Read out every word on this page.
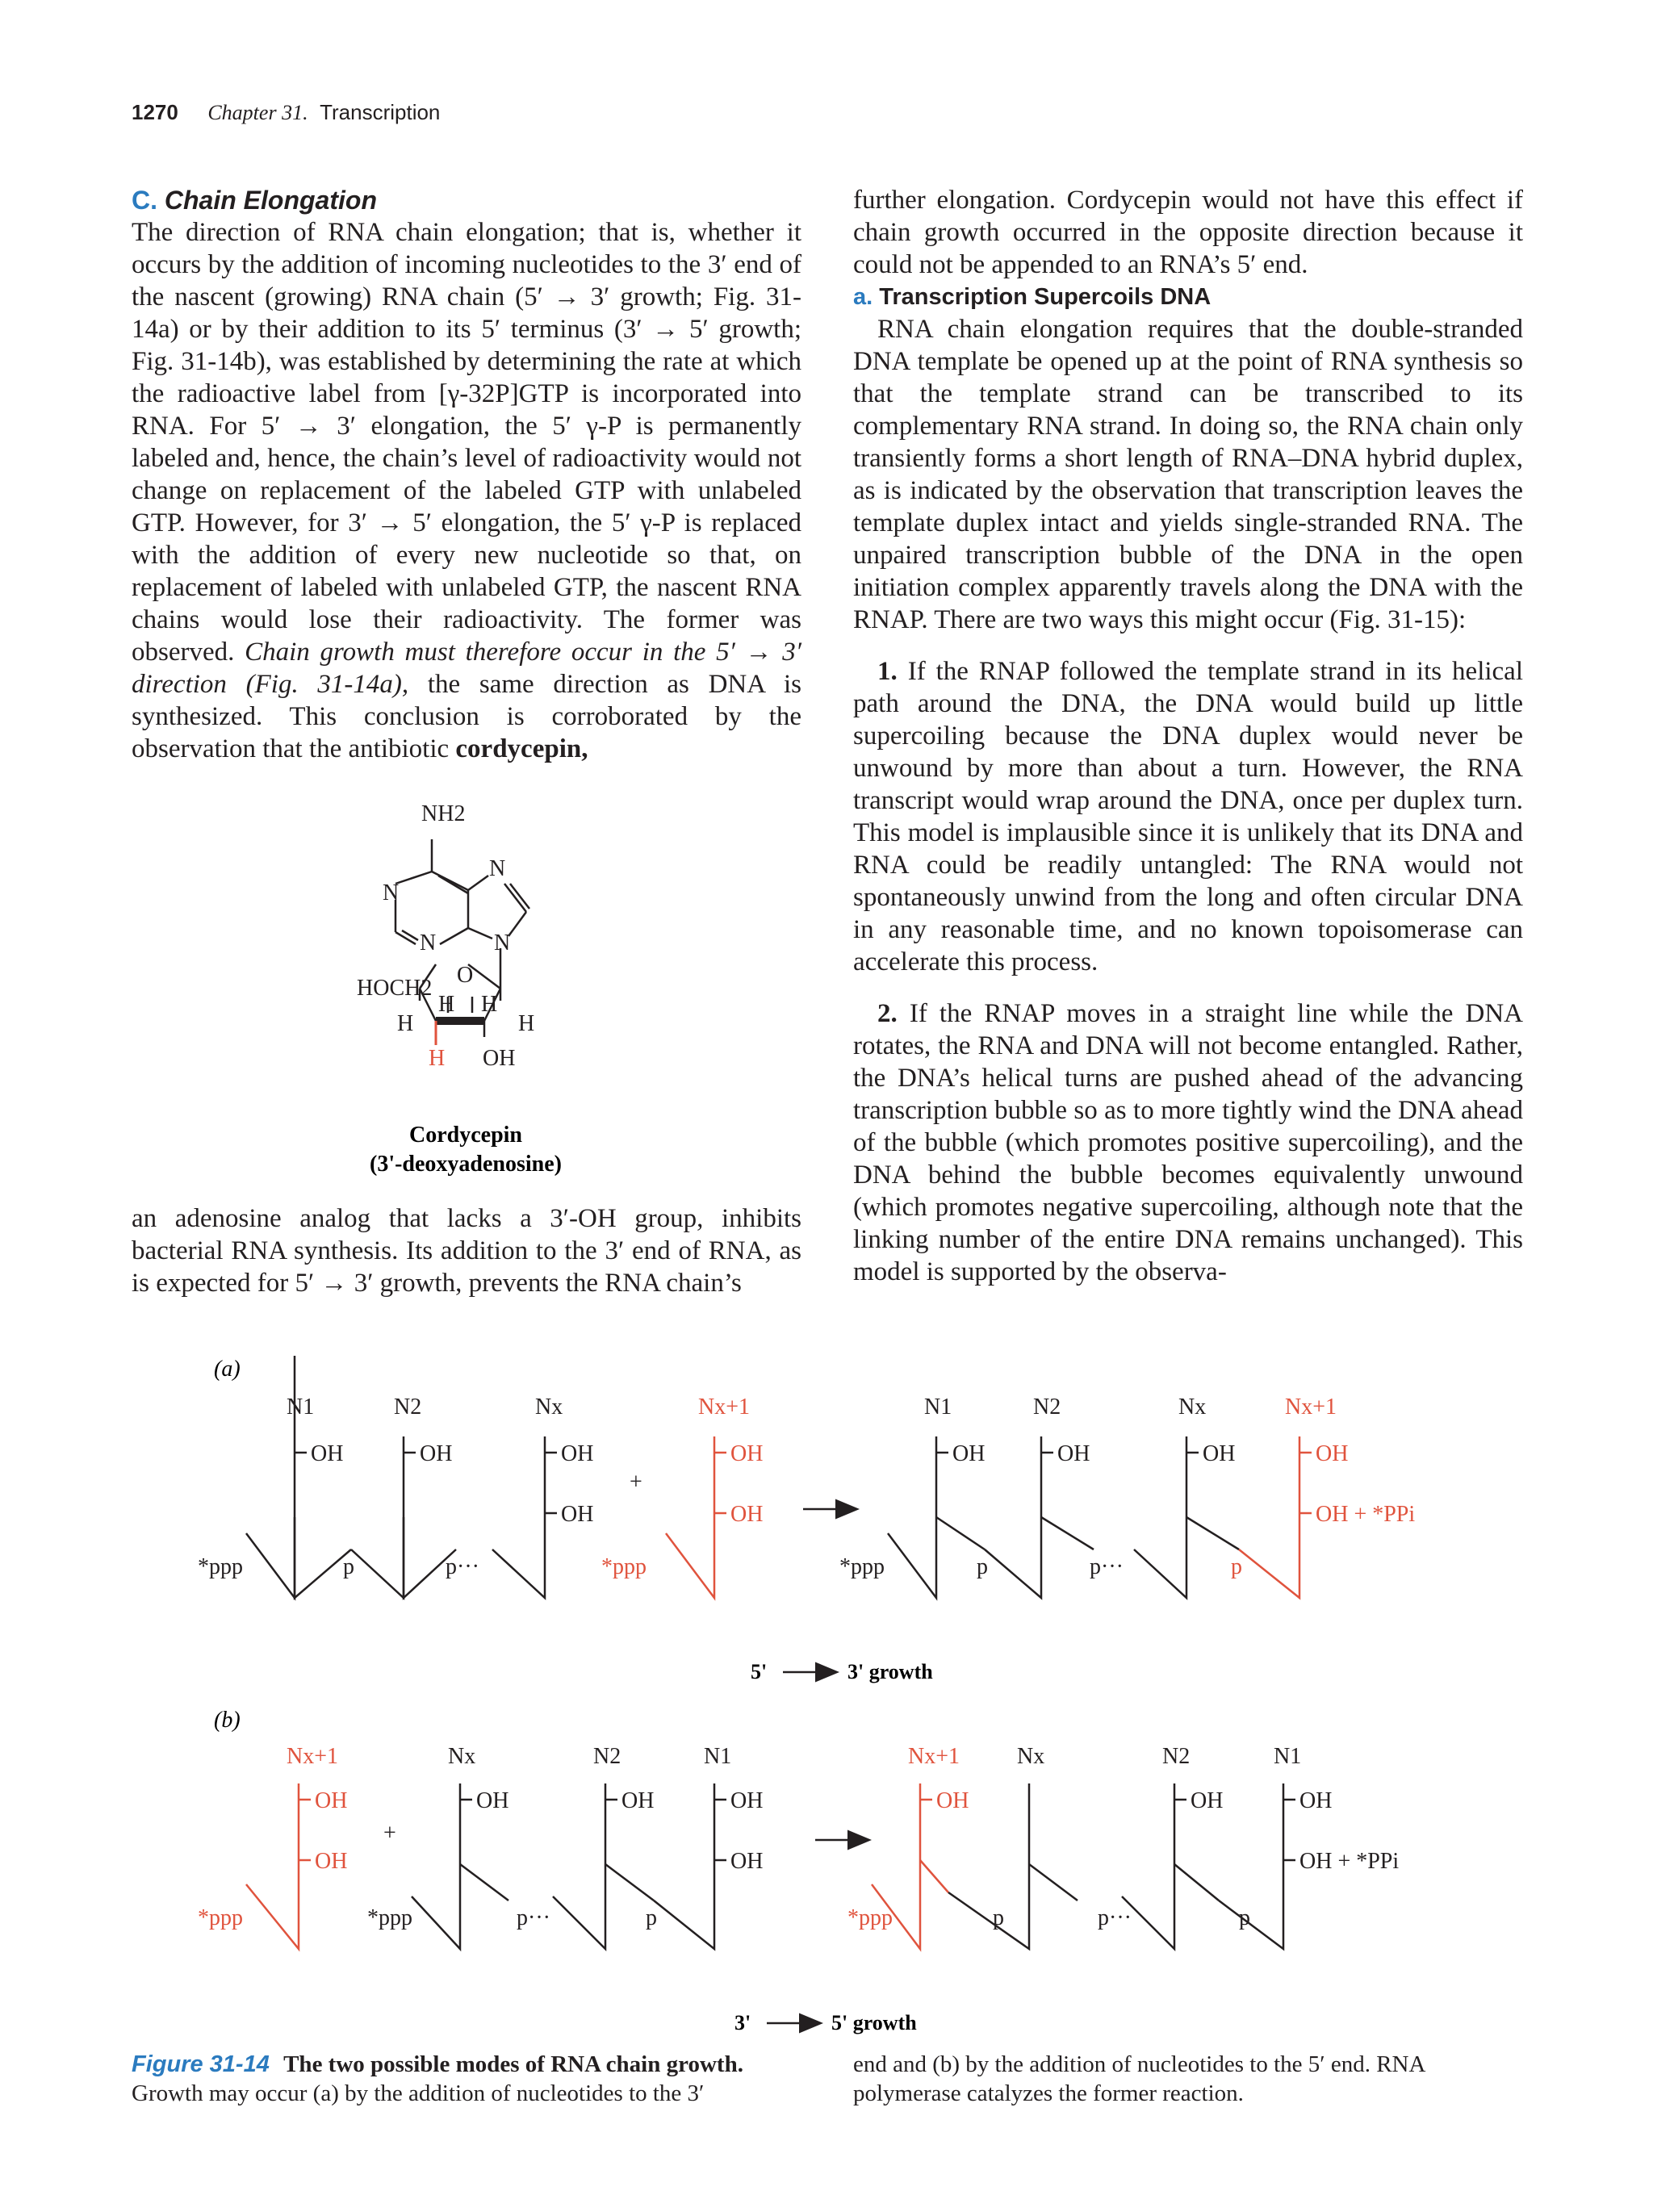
1270 Chapter 31. Transcription

C. Chain Elongation

The direction of RNA chain elongation; that is, whether it occurs by the addition of incoming nucleotides to the 3′ end of the nascent (growing) RNA chain (5′ → 3′ growth; Fig. 31-14a) or by their addition to its 5′ terminus (3′ → 5′ growth; Fig. 31-14b), was established by determining the rate at which the radioactive label from [γ-32P]GTP is incorporated into RNA. For 5′ → 3′ elongation, the 5′ γ-P is permanently labeled and, hence, the chain’s level of radioactivity would not change on replacement of the labeled GTP with unlabeled GTP. However, for 3′ → 5′ elongation, the 5′ γ-P is replaced with the addition of every new nucleotide so that, on replacement of labeled with unlabeled GTP, the nascent RNA chains would lose their radioactivity. The former was observed. Chain growth must therefore occur in the 5′ → 3′ direction (Fig. 31-14a), the same direction as DNA is synthesized. This conclusion is corroborated by the observation that the antibiotic cordycepin,

NH2
N
N
N	N
HOCH2
O
H H
H	H
H OH
Cordycepin
(3'-deoxyadenosine)

an adenosine analog that lacks a 3′-OH group, inhibits bacterial RNA synthesis. Its addition to the 3′ end of RNA, as is expected for 5′ → 3′ growth, prevents the RNA chain’s

further elongation. Cordycepin would not have this effect if chain growth occurred in the opposite direction because it could not be appended to an RNA’s 5′ end.

a. Transcription Supercoils DNA

RNA chain elongation requires that the double-stranded DNA template be opened up at the point of RNA synthesis so that the template strand can be transcribed to its complementary RNA strand. In doing so, the RNA chain only transiently forms a short length of RNA–DNA hybrid duplex, as is indicated by the observation that transcription leaves the template duplex intact and yields single-stranded RNA. The unpaired transcription bubble of the DNA in the open initiation complex apparently travels along the DNA with the RNAP. There are two ways this might occur (Fig. 31-15):

1. If the RNAP followed the template strand in its helical path around the DNA, the DNA would build up little supercoiling because the DNA duplex would never be unwound by more than about a turn. However, the RNA transcript would wrap around the DNA, once per duplex turn. This model is implausible since it is unlikely that its DNA and RNA could be readily untangled: The RNA would not spontaneously unwind from the long and often circular DNA in any reasonable time, and no known topoisomerase can accelerate this process.

2. If the RNAP moves in a straight line while the DNA rotates, the RNA and DNA will not become entangled. Rather, the DNA’s helical turns are pushed ahead of the advancing transcription bubble so as to more tightly wind the DNA ahead of the bubble (which promotes positive supercoiling), and the DNA behind the bubble becomes equivalently unwound (which promotes negative supercoiling, although note that the linking number of the entire DNA remains unchanged). This model is supported by the observa-

(a)
N1	N2	Nx
OH	OH	OH
OH
+
*ppp	p	p···
N1	N2	Nx
OH	OH	OH
*ppp	p	p···
Nx+1
OH
OH
*ppp
Nx+1
OH
p
OH + *PPi
5'	3' growth
(b)
Nx+1
OH
OH
*ppp
Nx+1
OH
*ppp
Nx	N2	N1
OH	OH	OH
OH
+
*ppp	p···	p
Nx	N2	N1
OH	OH
OH + *PPi
p	p···	p
3'	5' growth

Figure 31-14 The two possible modes of RNA chain growth. Growth may occur (a) by the addition of nucleotides to the 3′

end and (b) by the addition of nucleotides to the 5′ end. RNA polymerase catalyzes the former reaction.
